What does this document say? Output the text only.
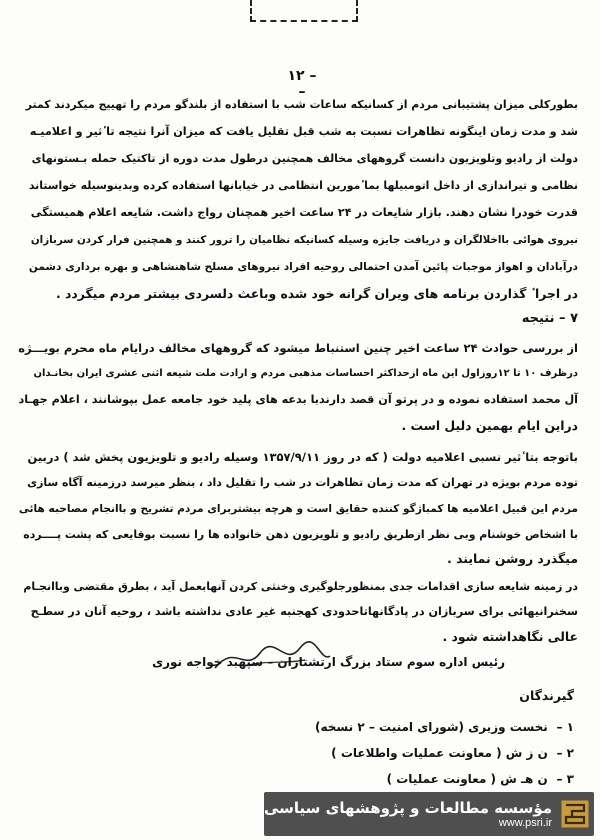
– ۱۲ –
بطورکلی میزان پشتیبانی مردم از کسانیکه ساعات شب با استفاده از بلندگو مردم را تهییج میکردند کمتر
شد و مدت زمان اینگونه تظاهرات نسبت به شب قبل تقلیل یافت که میزان آنرا نتیجه تا ٔثیر و اعلامیـه
دولت از رادیو وتلویزیون دانست گروههای مخالف همچنین درطول مدت دوره از تاکتیک حمله بـستونهای
نظامی و تیراندازی از داخل اتومبیلها بما ٔمورین انتظامی در خیابانها استفاده کرده وبدینوسیله خواستاند
قدرت خودرا نشان دهند. بازار شایعات در ۲۴ ساعت اخیر همچنان رواج داشت. شایعه اعلام همبستگی
نیروی هوائی بااخلالگران و دریافت جایزه وسیله کسانیکه نظامیان را ترور کنند و همچنین فرار کردن سربازان
درآبادان و اهواز موجبات پائین آمدن احتمالی روحیه افراد نیروهای مسلح شاهنشاهی و بهره برداری دشمن
در اجرا ٔ گذاردن برنامه های ویران گرانه خود شده وباعث دلسردی بیشتر مردم میگردد .
۷ – نتیجه
از بررسی حوادث ۲۴ ساعت اخیر چنین استنباط میشود که گروههای مخالف درایام ماه محرم بویـــژه
درظرف ۱۰ تا ۱۲روزاول این ماه ازحداکثر احساسات مذهبی مردم و ارادت ملت شیعه اثنی عشری ایران بخانـدان
آل محمد استفاده نموده و در پرتو آن قصد دارندبا بدعه های پلید خود جامعه عمل بپوشانند ، اعلام جهـاد
دراین ایام بهمین دلیل است .
باتوجه بتا ٔثیر نسبی اعلامیه دولت ( که در روز ۱۳۵۷/۹/۱۱ وسیله رادیو و تلویزیون پخش شد ) دربین
توده مردم بویژه در تهران که مدت زمان تظاهرات در شب را تقلیل داد ، بنظر میرسد درزمینه آگاه سازی
مردم این قبیل اعلامیه ها کمباژگو کننده حقایق است و هرچه بیشتربرای مردم تشریح و باانجام مصاحبه هائی
با اشخاص خوشنام وبی نظر ازطریق رادیو و تلویزیون ذهن خانواده ها را نسبت بوقایعی که پشت پــــرده
میگذرد روشن نمایند .
در زمینه شایعه سازی اقدامات جدی بمنظورجلوگیری وخنثی کردن آنهابعمل آید ، بطرق مقتضی وباانجـام
سخنرانیهائی برای سربازان در پادگانهاتاحدودی کهجنبه غیر عادی نداشته باشد ، روحیه آنان در سطـح
عالی نگاهداشته شود .
رئیس اداره سوم ستاد بزرگ ارتشتاران – سپهبد خواجه نوری
گیرندگان
۱ – نخست وزیری (شورای امنیت – ۲ نسخه)
۲ – ن ز ش ( معاونت عملیات واطلاعات )
۳ – ن هـ ش ( معاونت عملیات )
مؤسسه مطالعات و پژوهشهای سیاسی
www.psri.ir
